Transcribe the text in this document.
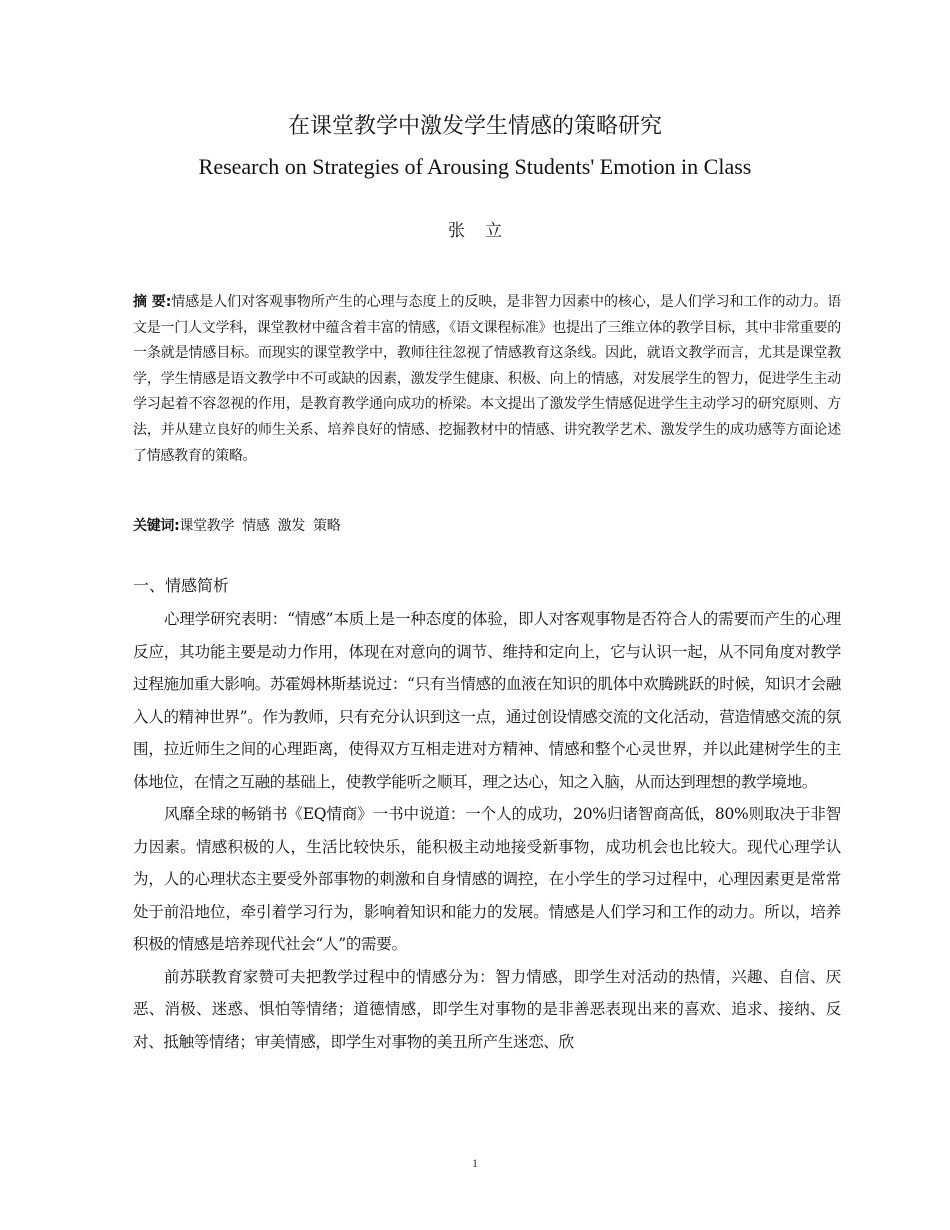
在课堂教学中激发学生情感的策略研究
Research on Strategies of Arousing Students' Emotion in Class
张立
摘 要:情感是人们对客观事物所产生的心理与态度上的反映，是非智力因素中的核心，是人们学习和工作的动力。语文是一门人文学科，课堂教材中蕴含着丰富的情感，《语文课程标准》也提出了三维立体的教学目标，其中非常重要的一条就是情感目标。而现实的课堂教学中，教师往往忽视了情感教育这条线。因此，就语文教学而言，尤其是课堂教学，学生情感是语文教学中不可或缺的因素，激发学生健康、积极、向上的情感，对发展学生的智力，促进学生主动学习起着不容忽视的作用，是教育教学通向成功的桥梁。本文提出了激发学生情感促进学生主动学习的研究原则、方法，并从建立良好的师生关系、培养良好的情感、挖掘教材中的情感、讲究教学艺术、激发学生的成功感等方面论述了情感教育的策略。
关键词:课堂教学 情感 激发 策略
一、情感简析

心理学研究表明：“情感”本质上是一种态度的体验，即人对客观事物是否符合人的需要而产生的心理反应，其功能主要是动力作用，体现在对意向的调节、维持和定向上，它与认识一起，从不同角度对教学过程施加重大影响。苏霍姆林斯基说过：“只有当情感的血液在知识的肌体中欢腾跳跃的时候，知识才会融入人的精神世界”。作为教师，只有充分认识到这一点，通过创设情感交流的文化活动，营造情感交流的氛围，拉近师生之间的心理距离，使得双方互相走进对方精神、情感和整个心灵世界，并以此建树学生的主体地位，在情之互融的基础上，使教学能听之顺耳，理之达心，知之入脑，从而达到理想的教学境地。

风靡全球的畅销书《EQ情商》一书中说道：一个人的成功，20%归诸智商高低，80%则取决于非智力因素。情感积极的人，生活比较快乐，能积极主动地接受新事物，成功机会也比较大。现代心理学认为，人的心理状态主要受外部事物的刺激和自身情感的调控，在小学生的学习过程中，心理因素更是常常处于前沿地位，牵引着学习行为，影响着知识和能力的发展。情感是人们学习和工作的动力。所以，培养积极的情感是培养现代社会“人”的需要。

前苏联教育家赞可夫把教学过程中的情感分为：智力情感，即学生对活动的热情，兴趣、自信、厌恶、消极、迷惑、惧怕等情绪；道德情感，即学生对事物的是非善恶表现出来的喜欢、追求、接纳、反对、抵触等情绪；审美情感，即学生对事物的美丑所产生迷恋、欣

1
